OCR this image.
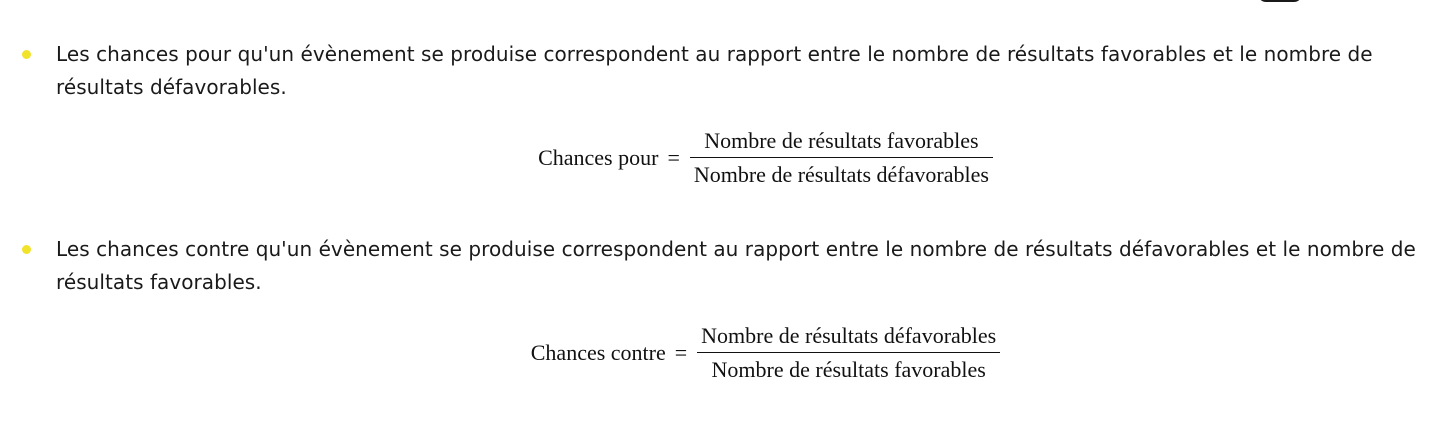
Les chances pour qu'un évènement se produise correspondent au rapport entre le nombre de résultats favorables et le nombre de résultats défavorables.

Les chances contre qu'un évènement se produise correspondent au rapport entre le nombre de résultats défavorables et le nombre de résultats favorables.

Chances pour = $\frac{\text{Nombre de résultats favorables}}{\text{Nombre de résultats défavorables}}$
Chances contre = $\frac{\text{Nombre de résultats défavorables}}{\text{Nombre de résultats favorables}}$
